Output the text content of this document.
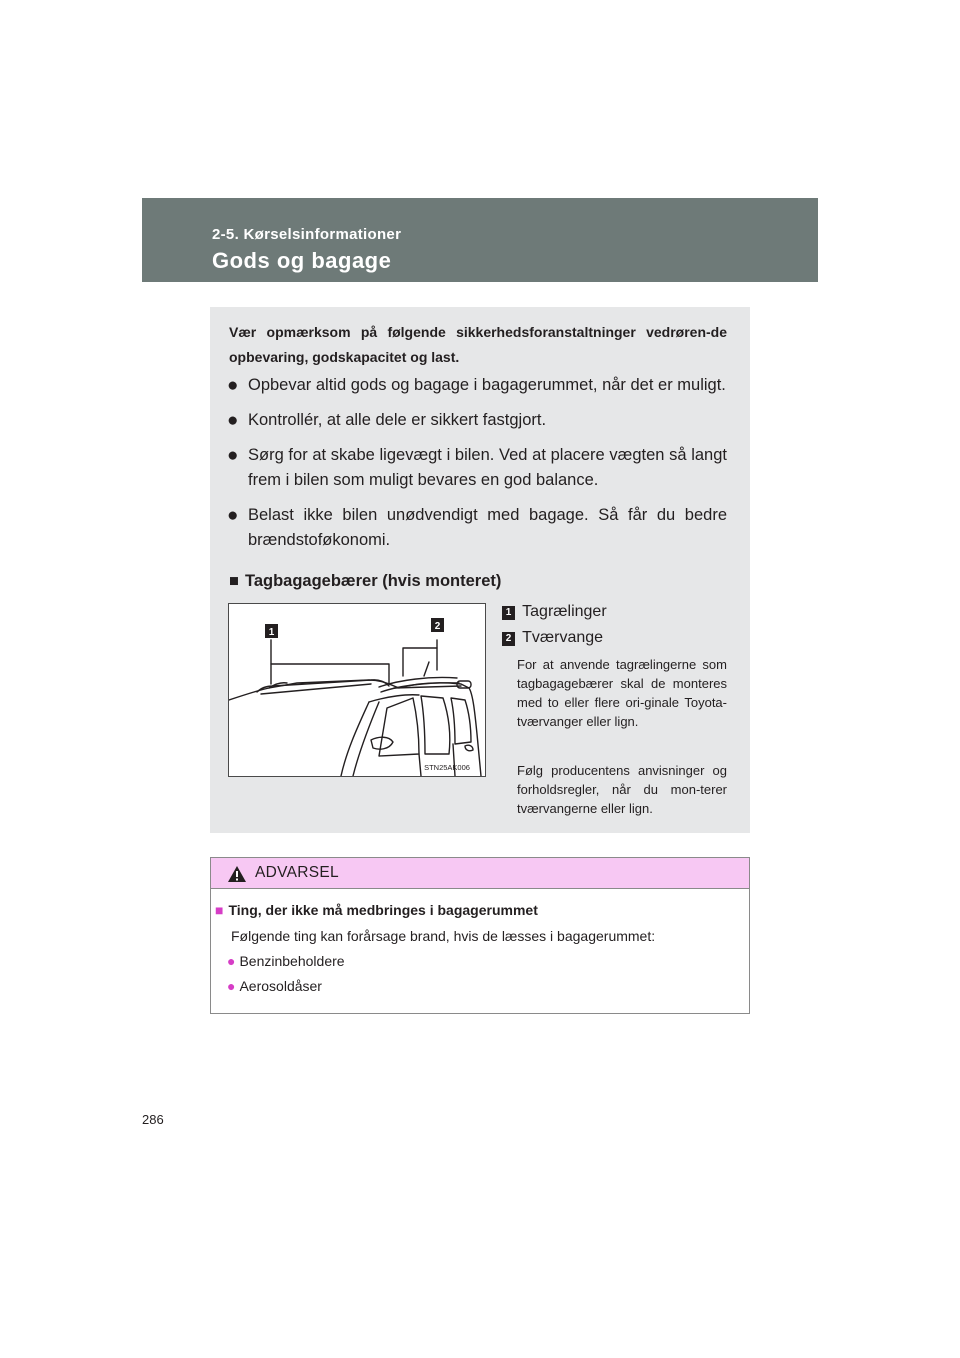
2-5. Kørselsinformationer
Gods og bagage
Vær opmærksom på følgende sikkerhedsforanstaltninger vedrøren-de opbevaring, godskapacitet og last.
● Opbevar altid gods og bagage i bagagerummet, når det er muligt.
● Kontrollér, at alle dele er sikkert fastgjort.
● Sørg for at skabe ligevægt i bilen. Ved at placere vægten så langt frem i bilen som muligt bevares en god balance.
● Belast ikke bilen unødvendigt med bagage. Så får du bedre brændstoføkonomi.
■ Tagbagagebærer (hvis monteret)
1
2
STN25AK006
1 Tagrælinger
2 Tværvange
For at anvende tagrælingerne som tagbagagebærer skal de monteres med to eller flere ori-ginale Toyota-tværvanger eller lign.
Følg producentens anvisninger og forholdsregler, når du mon-terer tværvangerne eller lign.
ADVARSEL
■ Ting, der ikke må medbringes i bagagerummet
Følgende ting kan forårsage brand, hvis de læsses i bagagerummet:
● Benzinbeholdere
● Aerosoldåser
286
